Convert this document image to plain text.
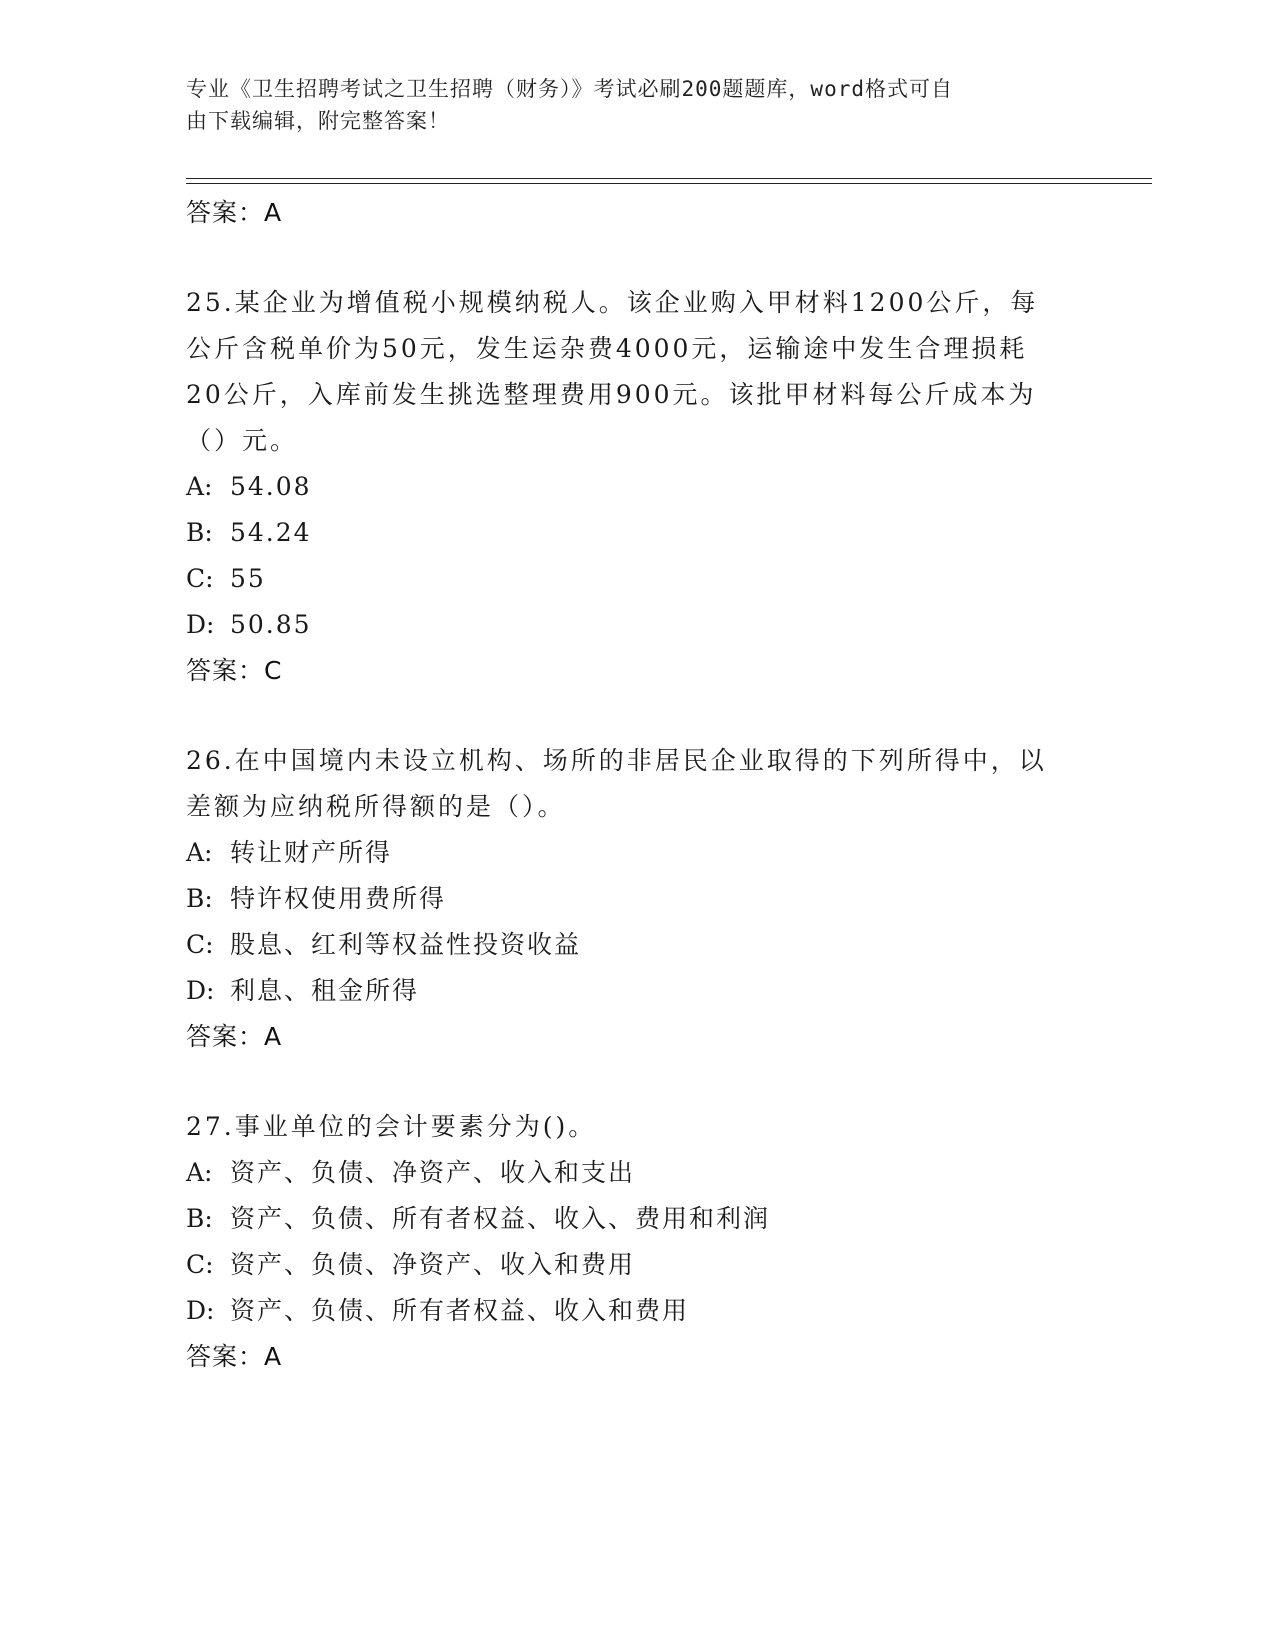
专业《卫生招聘考试之卫生招聘（财务）》考试必刷200题题库，word格式可自
由下载编辑，附完整答案！
答案：A
25.某企业为增值税小规模纳税人。该企业购入甲材料1200公斤，每
公斤含税单价为50元，发生运杂费4000元，运输途中发生合理损耗
20公斤，入库前发生挑选整理费用900元。该批甲材料每公斤成本为
（）元。
A: 54.08
B: 54.24
C: 55
D: 50.85
答案：C
26.在中国境内未设立机构、场所的非居民企业取得的下列所得中，以
差额为应纳税所得额的是（）。
A: 转让财产所得
B: 特许权使用费所得
C: 股息、红利等权益性投资收益
D: 利息、租金所得
答案：A
27.事业单位的会计要素分为()。
A: 资产、负债、净资产、收入和支出
B: 资产、负债、所有者权益、收入、费用和利润
C: 资产、负债、净资产、收入和费用
D: 资产、负债、所有者权益、收入和费用
答案：A
